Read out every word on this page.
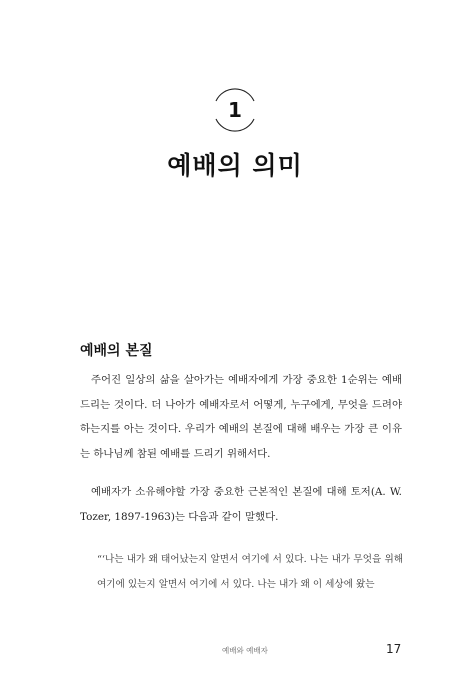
1
예배의 의미
예배의 본질

주어진 일상의 삶을 살아가는 예배자에게 가장 중요한 1순위는 예배 드리는 것이다. 더 나아가 예배자로서 어떻게, 누구에게, 무엇을 드려야하는지를 아는 것이다. 우리가 예배의 본질에 대해 배우는 가장 큰 이유는 하나님께 참된 예배를 드리기 위해서다.

예배자가 소유해야할 가장 중요한 근본적인 본질에 대해 토저(A. W. Tozer, 1897-1963)는 다음과 같이 말했다.

“‘나는 내가 왜 태어났는지 알면서 여기에 서 있다. 나는 내가 무엇을 위해 여기에 있는지 알면서 여기에 서 있다. 나는 내가 왜 이 세상에 왔는

예배와 예배자	17
